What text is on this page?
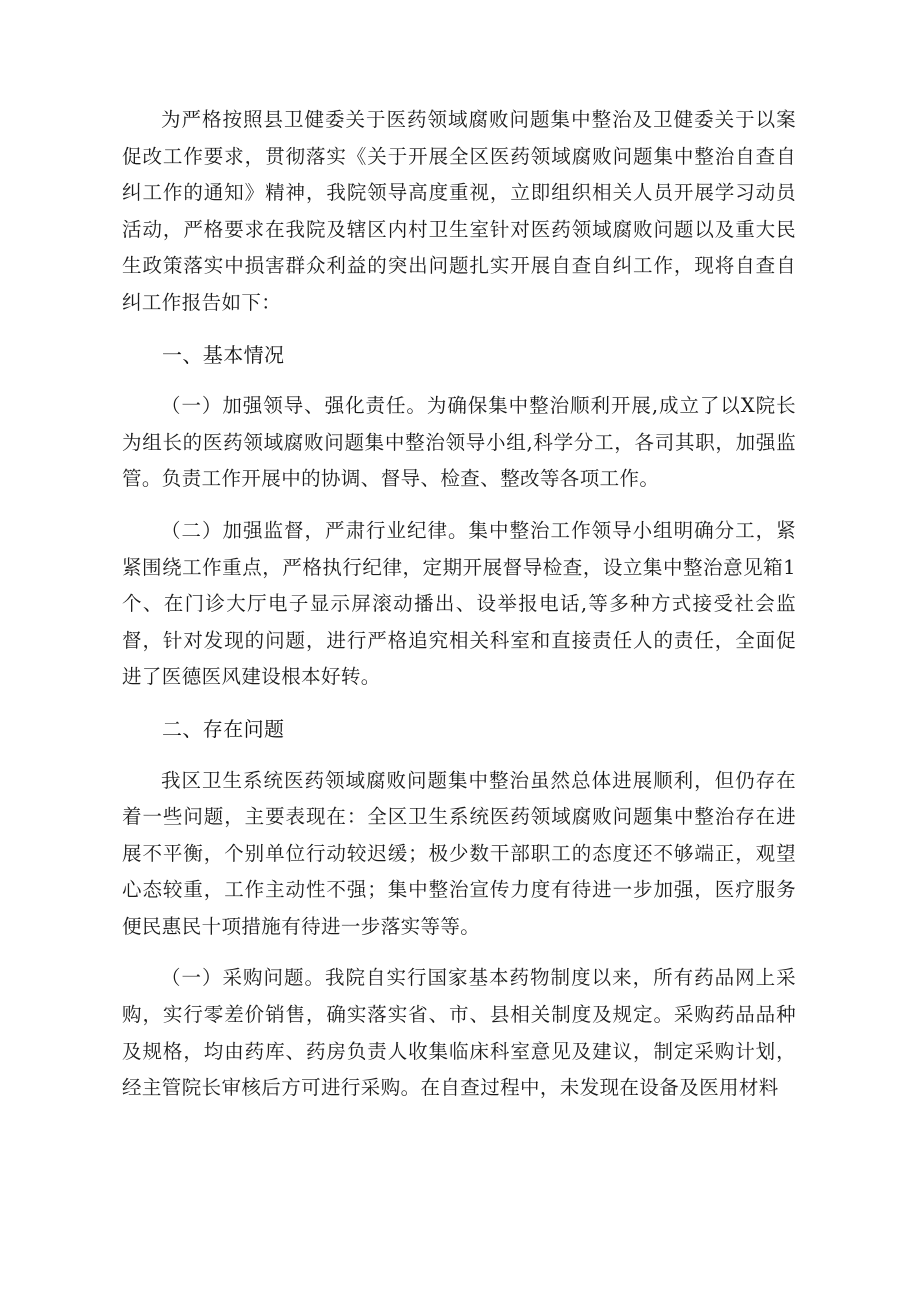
为严格按照县卫健委关于医药领域腐败问题集中整治及卫健委关于以案促改工作要求，贯彻落实《关于开展全区医药领域腐败问题集中整治自查自纠工作的通知》精神，我院领导高度重视，立即组织相关人员开展学习动员活动，严格要求在我院及辖区内村卫生室针对医药领域腐败问题以及重大民生政策落实中损害群众利益的突出问题扎实开展自查自纠工作，现将自查自纠工作报告如下：

一、基本情况

（一）加强领导、强化责任。为确保集中整治顺利开展,成立了以X院长为组长的医药领域腐败问题集中整治领导小组,科学分工，各司其职，加强监管。负责工作开展中的协调、督导、检查、整改等各项工作。

（二）加强监督，严肃行业纪律。集中整治工作领导小组明确分工，紧紧围绕工作重点，严格执行纪律，定期开展督导检查，设立集中整治意见箱1个、在门诊大厅电子显示屏滚动播出、设举报电话,等多种方式接受社会监督，针对发现的问题，进行严格追究相关科室和直接责任人的责任，全面促进了医德医风建设根本好转。

二、存在问题

我区卫生系统医药领域腐败问题集中整治虽然总体进展顺利，但仍存在着一些问题，主要表现在：全区卫生系统医药领域腐败问题集中整治存在进展不平衡，个别单位行动较迟缓；极少数干部职工的态度还不够端正，观望心态较重，工作主动性不强；集中整治宣传力度有待进一步加强，医疗服务便民惠民十项措施有待进一步落实等等。

（一）采购问题。我院自实行国家基本药物制度以来，所有药品网上采购，实行零差价销售，确实落实省、市、县相关制度及规定。采购药品品种及规格，均由药库、药房负责人收集临床科室意见及建议，制定采购计划，经主管院长审核后方可进行采购。在自查过程中，未发现在设备及医用材料
